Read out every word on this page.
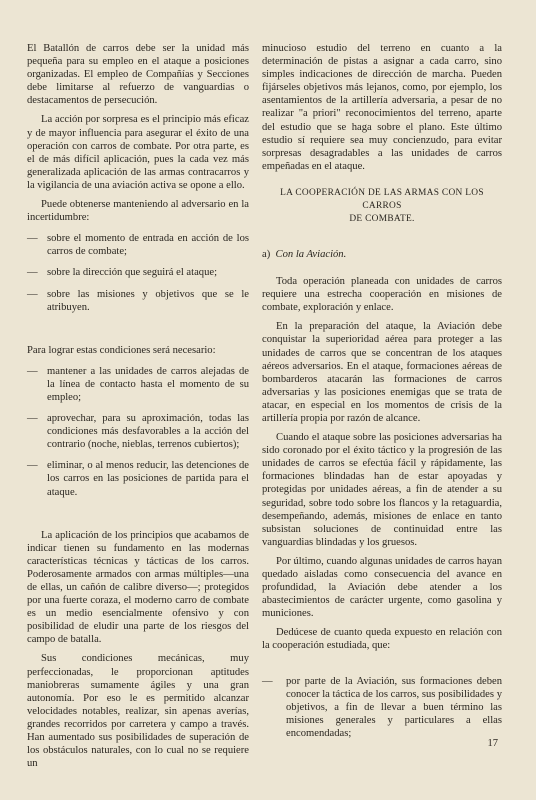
El Batallón de carros debe ser la unidad más pequeña para su empleo en el ataque a posiciones organizadas. El empleo de Compañías y Secciones debe limitarse al refuerzo de vanguardias o destacamentos de persecución.

La acción por sorpresa es el principio más eficaz y de mayor influencia para asegurar el éxito de una operación con carros de combate. Por otra parte, es el de más difícil aplicación, pues la cada vez más generalizada aplicación de las armas contracarros y la vigilancia de una aviación activa se opone a ello.

Puede obtenerse manteniendo al adversario en la incertidumbre:

— sobre el momento de entrada en acción de los carros de combate;
— sobre la dirección que seguirá el ataque;
— sobre las misiones y objetivos que se le atribuyen.

Para lograr estas condiciones será necesario:

— mantener a las unidades de carros alejadas de la línea de contacto hasta el momento de su empleo;
— aprovechar, para su aproximación, todas las condiciones más desfavorables a la acción del contrario (noche, nieblas, terrenos cubiertos);
— eliminar, o al menos reducir, las detenciones de los carros en las posiciones de partida para el ataque.

La aplicación de los principios que acabamos de indicar tienen su fundamento en las modernas características técnicas y tácticas de los carros. Poderosamente armados con armas múltiples—una de ellas, un cañón de calibre diverso—; protegidos por una fuerte coraza, el moderno carro de combate es un medio esencialmente ofensivo y con posibilidad de eludir una parte de los riesgos del campo de batalla.

Sus condiciones mecánicas, muy perfeccionadas, le proporcionan aptitudes maniobreras sumamente ágiles y una gran autonomía. Por eso le es permitido alcanzar velocidades notables, realizar, sin apenas averías, grandes recorridos por carretera y campo a través. Han aumentado sus posibilidades de superación de los obstáculos naturales, con lo cual no se requiere un

minucioso estudio del terreno en cuanto a la determinación de pistas a asignar a cada carro, sino simples indicaciones de dirección de marcha. Pueden fijárseles objetivos más lejanos, como, por ejemplo, los asentamientos de la artillería adversaria, a pesar de no realizar "a priori" reconocimientos del terreno, aparte del estudio que se haga sobre el plano. Este último estudio sí requiere sea muy concienzudo, para evitar sorpresas desagradables a las unidades de carros empeñadas en el ataque.

LA COOPERACIÓN DE LAS ARMAS CON LOS CARROS
DE COMBATE.
a) Con la Aviación.

Toda operación planeada con unidades de carros requiere una estrecha cooperación en misiones de combate, exploración y enlace.

En la preparación del ataque, la Aviación debe conquistar la superioridad aérea para proteger a las unidades de carros que se concentran de los ataques aéreos adversarios. En el ataque, formaciones aéreas de bombarderos atacarán las formaciones de carros adversarias y las posiciones enemigas que se trata de atacar, en especial en los momentos de crisis de la artillería propia por razón de alcance.

Cuando el ataque sobre las posiciones adversarias ha sido coronado por el éxito táctico y la progresión de las unidades de carros se efectúa fácil y rápidamente, las formaciones blindadas han de estar apoyadas y protegidas por unidades aéreas, a fin de atender a su seguridad, sobre todo sobre los flancos y la retaguardia, desempeñando, además, misiones de enlace en tanto subsistan soluciones de continuidad entre las vanguardias blindadas y los gruesos.

Por último, cuando algunas unidades de carros hayan quedado aisladas como consecuencia del avance en profundidad, la Aviación debe atender a los abastecimientos de carácter urgente, como gasolina y municiones.

Dedúcese de cuanto queda expuesto en relación con la cooperación estudiada, que:

— por parte de la Aviación, sus formaciones deben conocer la táctica de los carros, sus posibilidades y objetivos, a fin de llevar a buen término las misiones generales y particulares a ellas encomendadas;
17
